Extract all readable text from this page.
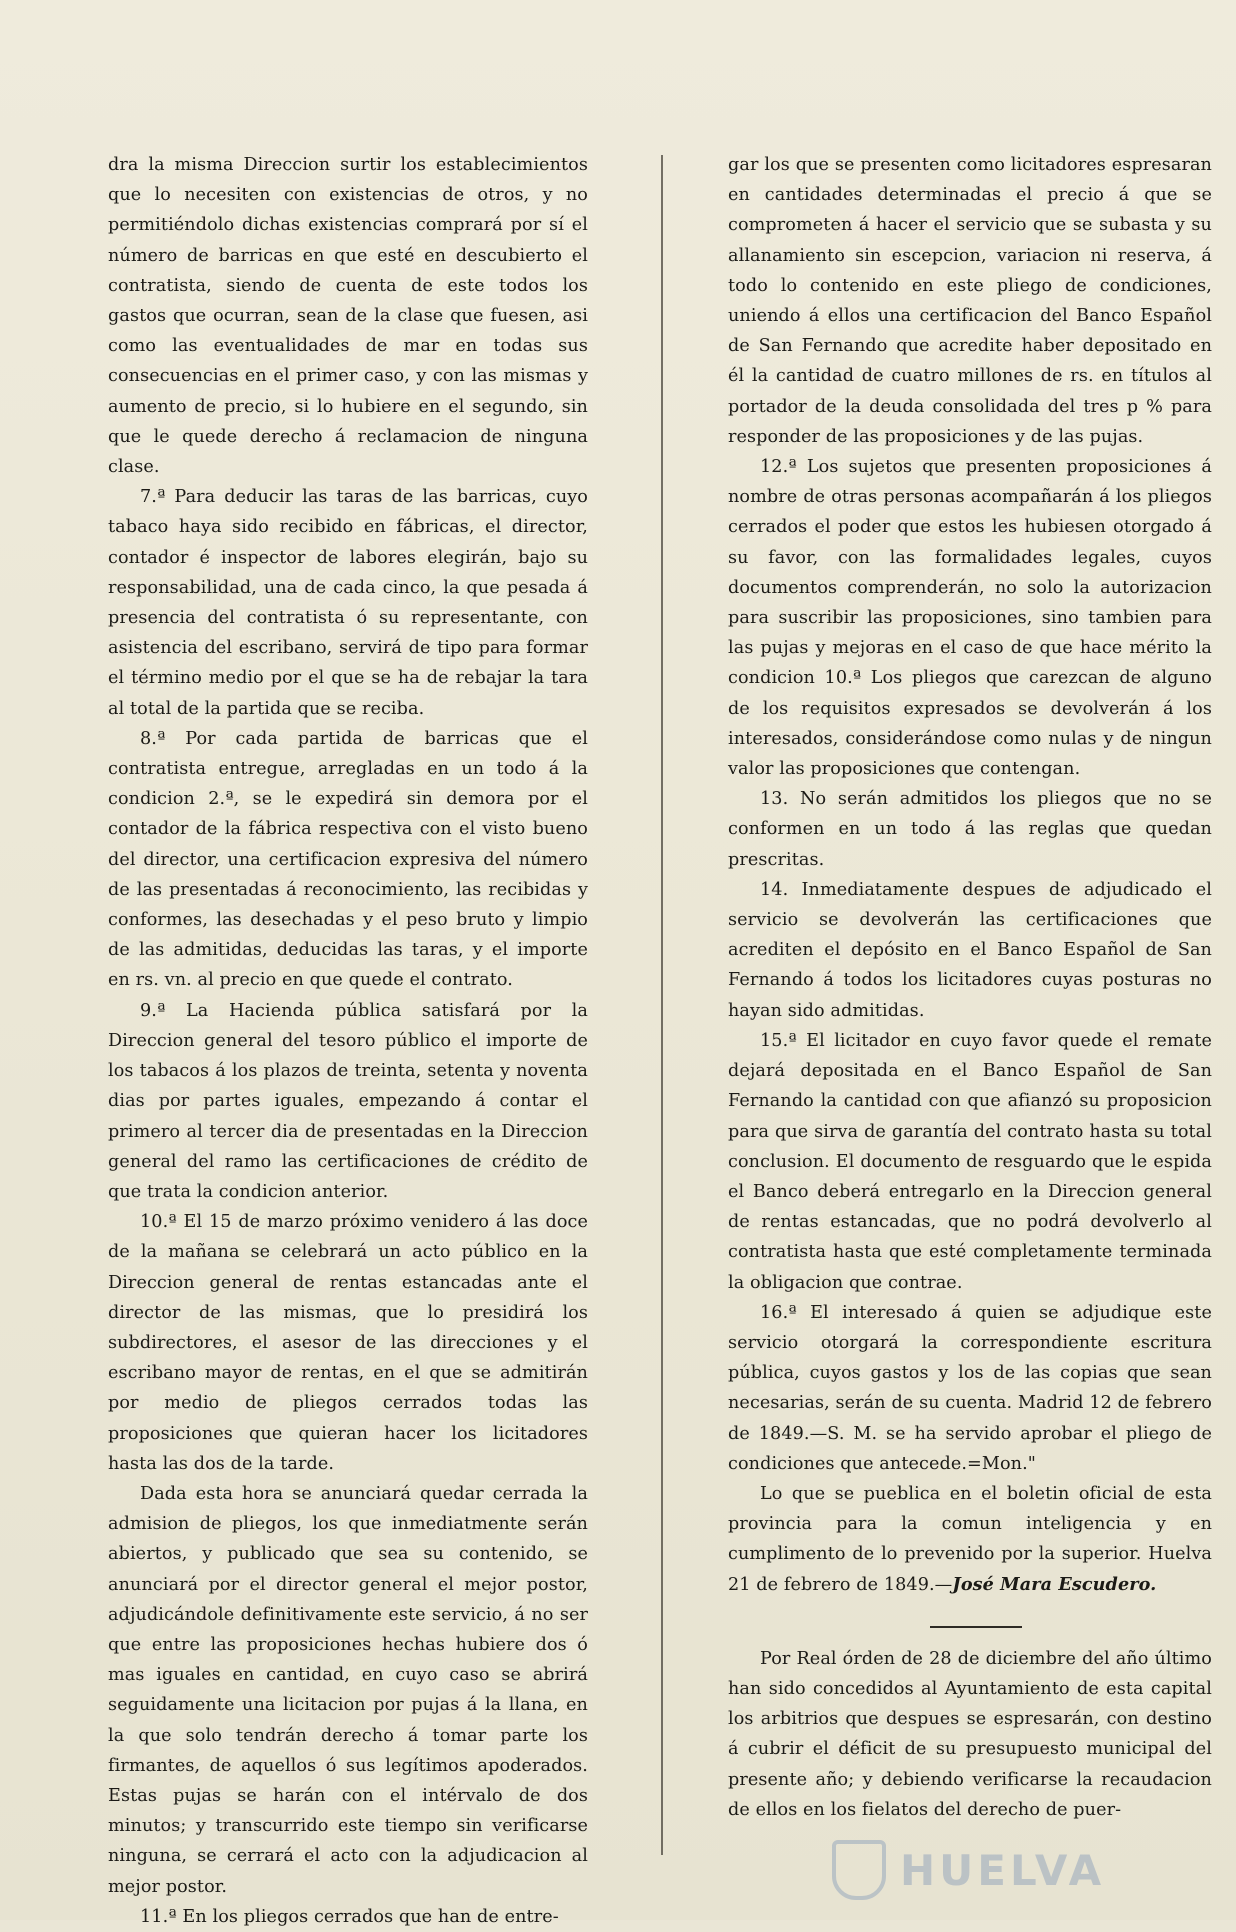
dra la misma Direccion surtir los establecimientos que lo necesiten con existencias de otros, y no permitiéndolo dichas existencias comprará por sí el número de barricas en que esté en descubierto el contratista, siendo de cuenta de este todos los gastos que ocurran, sean de la clase que fuesen, asi como las eventualidades de mar en todas sus consecuencias en el primer caso, y con las mismas y aumento de precio, si lo hubiere en el segundo, sin que le quede derecho á reclamacion de ninguna clase.

7.ª Para deducir las taras de las barricas, cuyo tabaco haya sido recibido en fábricas, el director, contador é inspector de labores elegirán, bajo su responsabilidad, una de cada cinco, la que pesada á presencia del contratista ó su representante, con asistencia del escribano, servirá de tipo para formar el término medio por el que se ha de rebajar la tara al total de la partida que se reciba.

8.ª Por cada partida de barricas que el contratista entregue, arregladas en un todo á la condicion 2.ª, se le expedirá sin demora por el contador de la fábrica respectiva con el visto bueno del director, una certificacion expresiva del número de las presentadas á reconocimiento, las recibidas y conformes, las desechadas y el peso bruto y limpio de las admitidas, deducidas las taras, y el importe en rs. vn. al precio en que quede el contrato.

9.ª La Hacienda pública satisfará por la Direccion general del tesoro público el importe de los tabacos á los plazos de treinta, setenta y noventa dias por partes iguales, empezando á contar el primero al tercer dia de presentadas en la Direccion general del ramo las certificaciones de crédito de que trata la condicion anterior.

10.ª El 15 de marzo próximo venidero á las doce de la mañana se celebrará un acto público en la Direccion general de rentas estancadas ante el director de las mismas, que lo presidirá los subdirectores, el asesor de las direcciones y el escribano mayor de rentas, en el que se admitirán por medio de pliegos cerrados todas las proposiciones que quieran hacer los licitadores hasta las dos de la tarde.

Dada esta hora se anunciará quedar cerrada la admision de pliegos, los que inmediatmente serán abiertos, y publicado que sea su contenido, se anunciará por el director general el mejor postor, adjudicándole definitivamente este servicio, á no ser que entre las proposiciones hechas hubiere dos ó mas iguales en cantidad, en cuyo caso se abrirá seguidamente una licitacion por pujas á la llana, en la que solo tendrán derecho á tomar parte los firmantes, de aquellos ó sus legítimos apoderados. Estas pujas se harán con el intérvalo de dos minutos; y transcurrido este tiempo sin verificarse ninguna, se cerrará el acto con la adjudicacion al mejor postor.

11.ª En los pliegos cerrados que han de entre-

gar los que se presenten como licitadores espresaran en cantidades determinadas el precio á que se comprometen á hacer el servicio que se subasta y su allanamiento sin escepcion, variacion ni reserva, á todo lo contenido en este pliego de condiciones, uniendo á ellos una certificacion del Banco Español de San Fernando que acredite haber depositado en él la cantidad de cuatro millones de rs. en títulos al portador de la deuda consolidada del tres p % para responder de las proposiciones y de las pujas.

12.ª Los sujetos que presenten proposiciones á nombre de otras personas acompañarán á los pliegos cerrados el poder que estos les hubiesen otorgado á su favor, con las formalidades legales, cuyos documentos comprenderán, no solo la autorizacion para suscribir las proposiciones, sino tambien para las pujas y mejoras en el caso de que hace mérito la condicion 10.ª Los pliegos que carezcan de alguno de los requisitos expresados se devolverán á los interesados, considerándose como nulas y de ningun valor las proposiciones que contengan.

13. No serán admitidos los pliegos que no se conformen en un todo á las reglas que quedan prescritas.

14. Inmediatamente despues de adjudicado el servicio se devolverán las certificaciones que acrediten el depósito en el Banco Español de San Fernando á todos los licitadores cuyas posturas no hayan sido admitidas.

15.ª El licitador en cuyo favor quede el remate dejará depositada en el Banco Español de San Fernando la cantidad con que afianzó su proposicion para que sirva de garantía del contrato hasta su total conclusion. El documento de resguardo que le espida el Banco deberá entregarlo en la Direccion general de rentas estancadas, que no podrá devolverlo al contratista hasta que esté completamente terminada la obligacion que contrae.

16.ª El interesado á quien se adjudique este servicio otorgará la correspondiente escritura pública, cuyos gastos y los de las copias que sean necesarias, serán de su cuenta. Madrid 12 de febrero de 1849.—S. M. se ha servido aprobar el pliego de condiciones que antecede.=Mon."

Lo que se pueblica en el boletin oficial de esta provincia para la comun inteligencia y en cumplimento de lo prevenido por la superior. Huelva 21 de febrero de 1849.—José Mara Escudero.

Por Real órden de 28 de diciembre del año último han sido concedidos al Ayuntamiento de esta capital los arbitrios que despues se espresarán, con destino á cubrir el déficit de su presupuesto municipal del presente año; y debiendo verificarse la recaudacion de ellos en los fielatos del derecho de puer-

HUELVA
